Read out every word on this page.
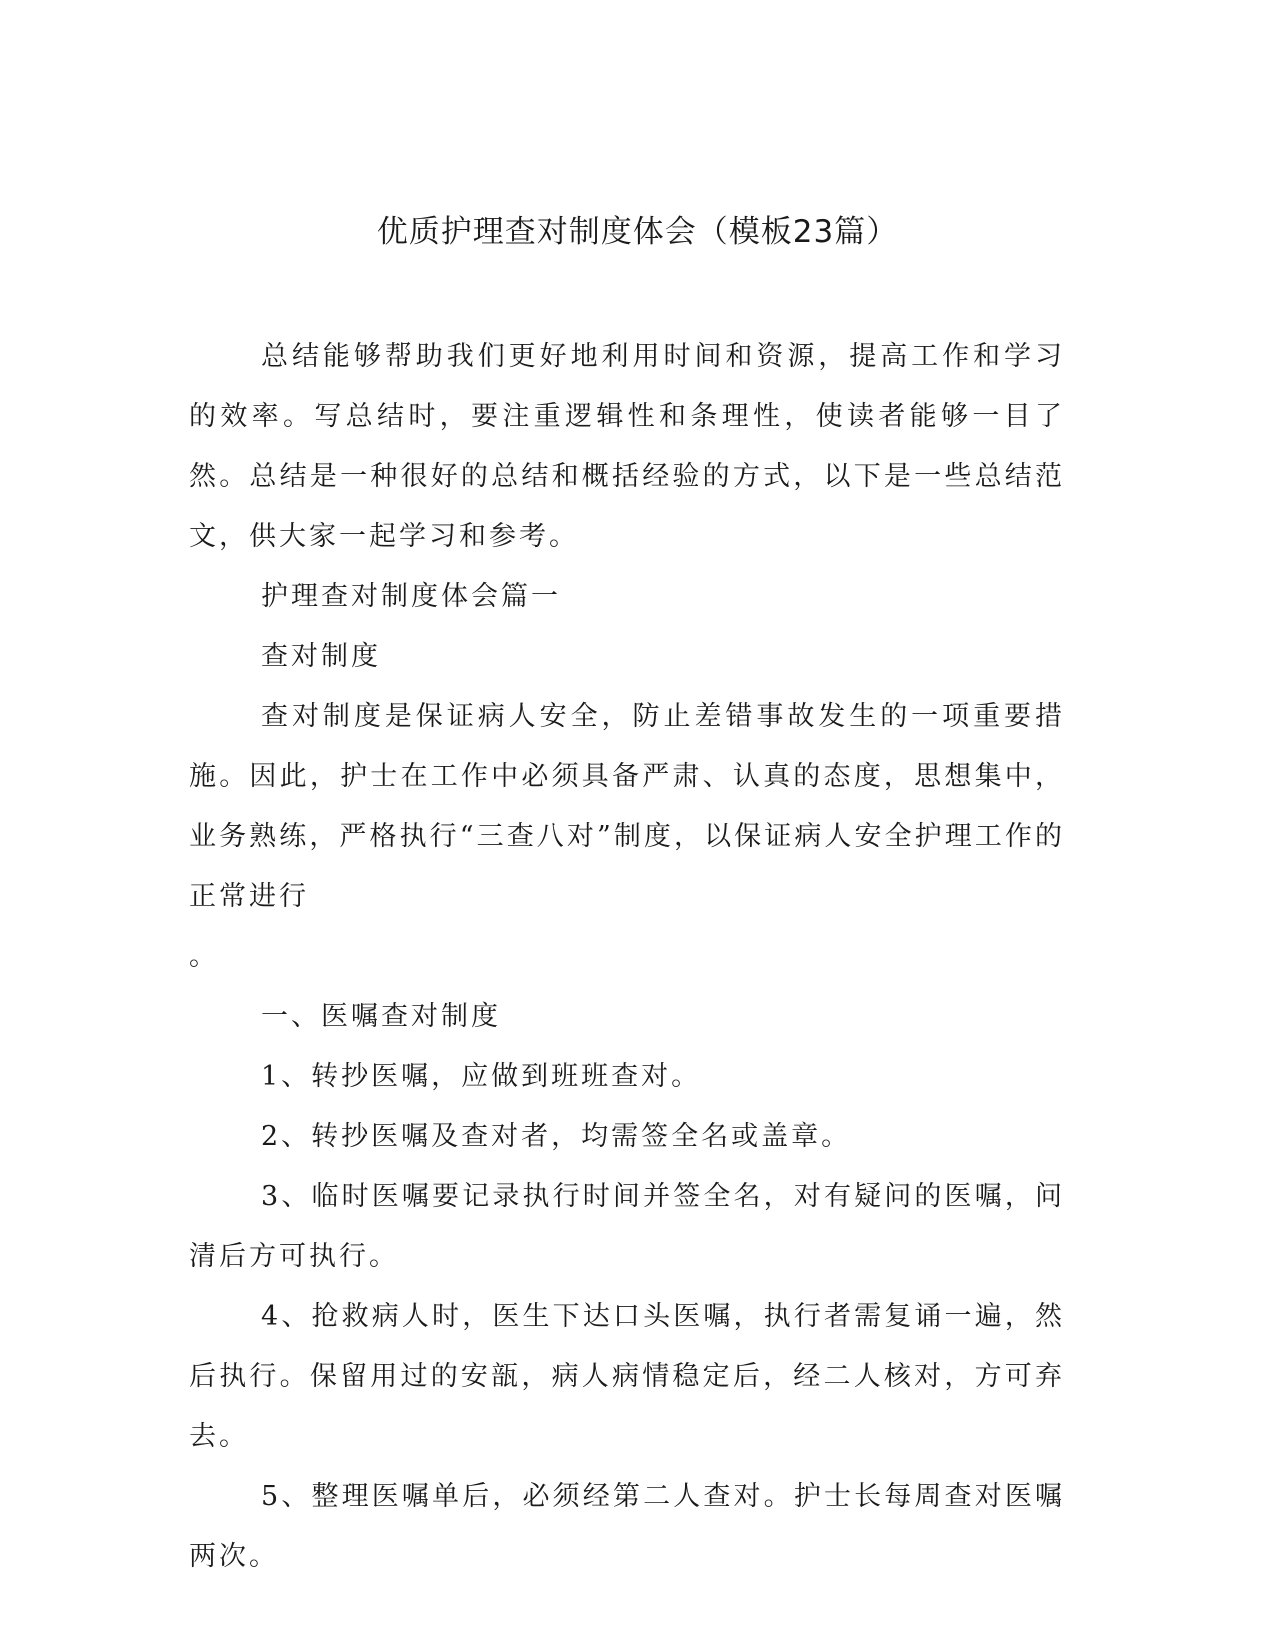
优质护理查对制度体会（模板23篇）

总结能够帮助我们更好地利用时间和资源，提高工作和学习的效率。写总结时，要注重逻辑性和条理性，使读者能够一目了然。总结是一种很好的总结和概括经验的方式，以下是一些总结范文，供大家一起学习和参考。

护理查对制度体会篇一

查对制度

查对制度是保证病人安全，防止差错事故发生的一项重要措施。因此，护士在工作中必须具备严肃、认真的态度，思想集中，业务熟练，严格执行“三查八对”制度，以保证病人安全护理工作的正常进行

。

一、医嘱查对制度

1、转抄医嘱，应做到班班查对。

2、转抄医嘱及查对者，均需签全名或盖章。

3、临时医嘱要记录执行时间并签全名，对有疑问的医嘱，问清后方可执行。

4、抢救病人时，医生下达口头医嘱，执行者需复诵一遍，然后执行。保留用过的安瓿，病人病情稳定后，经二人核对，方可弃去。

5、整理医嘱单后，必须经第二人查对。护士长每周查对医嘱两次。
